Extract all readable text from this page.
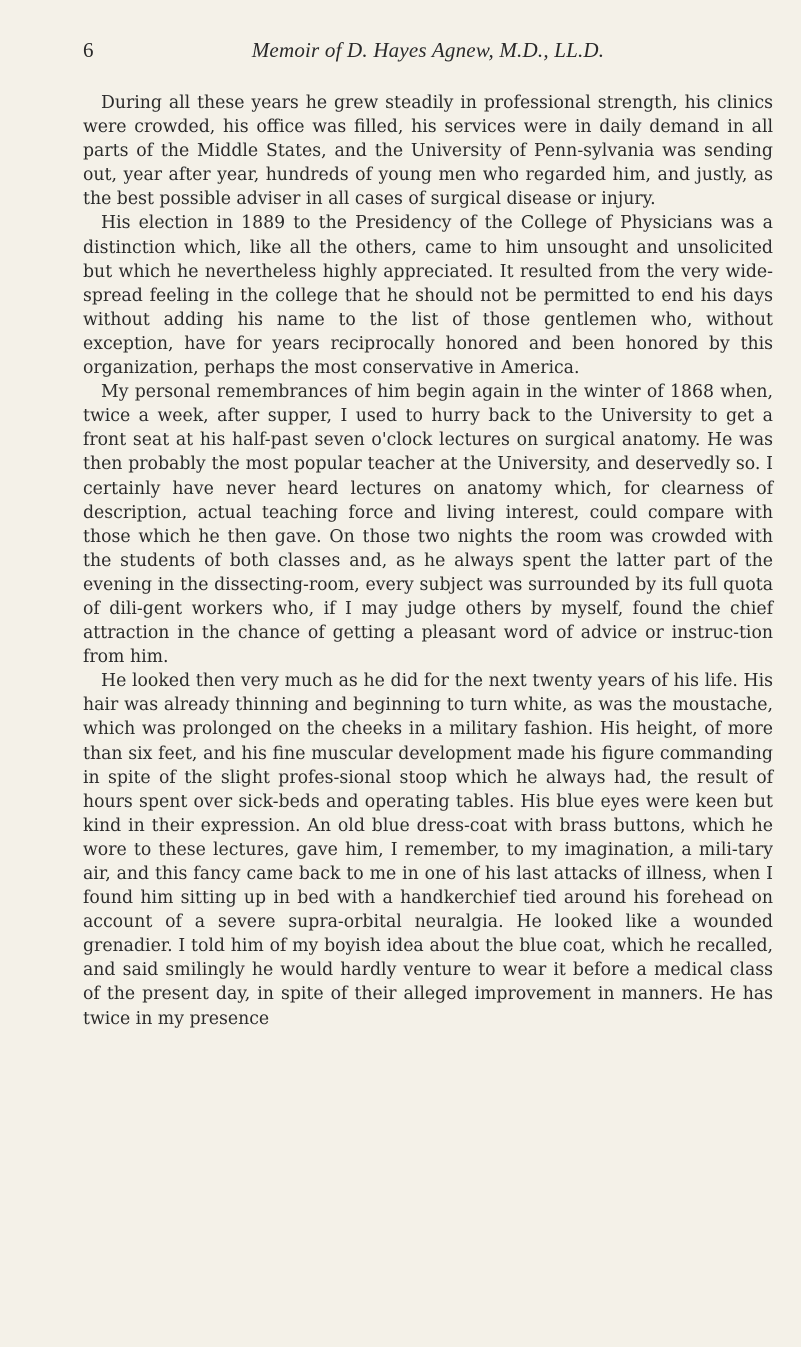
6	Memoir of D. Hayes Agnew, M.D., LL.D.

During all these years he grew steadily in professional strength, his clinics were crowded, his office was filled, his services were in daily demand in all parts of the Middle States, and the University of Penn-sylvania was sending out, year after year, hundreds of young men who regarded him, and justly, as the best possible adviser in all cases of surgical disease or injury.

His election in 1889 to the Presidency of the College of Physicians was a distinction which, like all the others, came to him unsought and unsolicited but which he nevertheless highly appreciated. It resulted from the very wide-spread feeling in the college that he should not be permitted to end his days without adding his name to the list of those gentlemen who, without exception, have for years reciprocally honored and been honored by this organization, perhaps the most conservative in America.

My personal remembrances of him begin again in the winter of 1868 when, twice a week, after supper, I used to hurry back to the University to get a front seat at his half-past seven o'clock lectures on surgical anatomy. He was then probably the most popular teacher at the University, and deservedly so. I certainly have never heard lectures on anatomy which, for clearness of description, actual teaching force and living interest, could compare with those which he then gave. On those two nights the room was crowded with the students of both classes and, as he always spent the latter part of the evening in the dissecting-room, every subject was surrounded by its full quota of dili-gent workers who, if I may judge others by myself, found the chief attraction in the chance of getting a pleasant word of advice or instruc-tion from him.

He looked then very much as he did for the next twenty years of his life. His hair was already thinning and beginning to turn white, as was the moustache, which was prolonged on the cheeks in a military fashion. His height, of more than six feet, and his fine muscular development made his figure commanding in spite of the slight profes-sional stoop which he always had, the result of hours spent over sick-beds and operating tables. His blue eyes were keen but kind in their expression. An old blue dress-coat with brass buttons, which he wore to these lectures, gave him, I remember, to my imagination, a mili-tary air, and this fancy came back to me in one of his last attacks of illness, when I found him sitting up in bed with a handkerchief tied around his forehead on account of a severe supra-orbital neuralgia. He looked like a wounded grenadier. I told him of my boyish idea about the blue coat, which he recalled, and said smilingly he would hardly venture to wear it before a medical class of the present day, in spite of their alleged improvement in manners. He has twice in my presence
